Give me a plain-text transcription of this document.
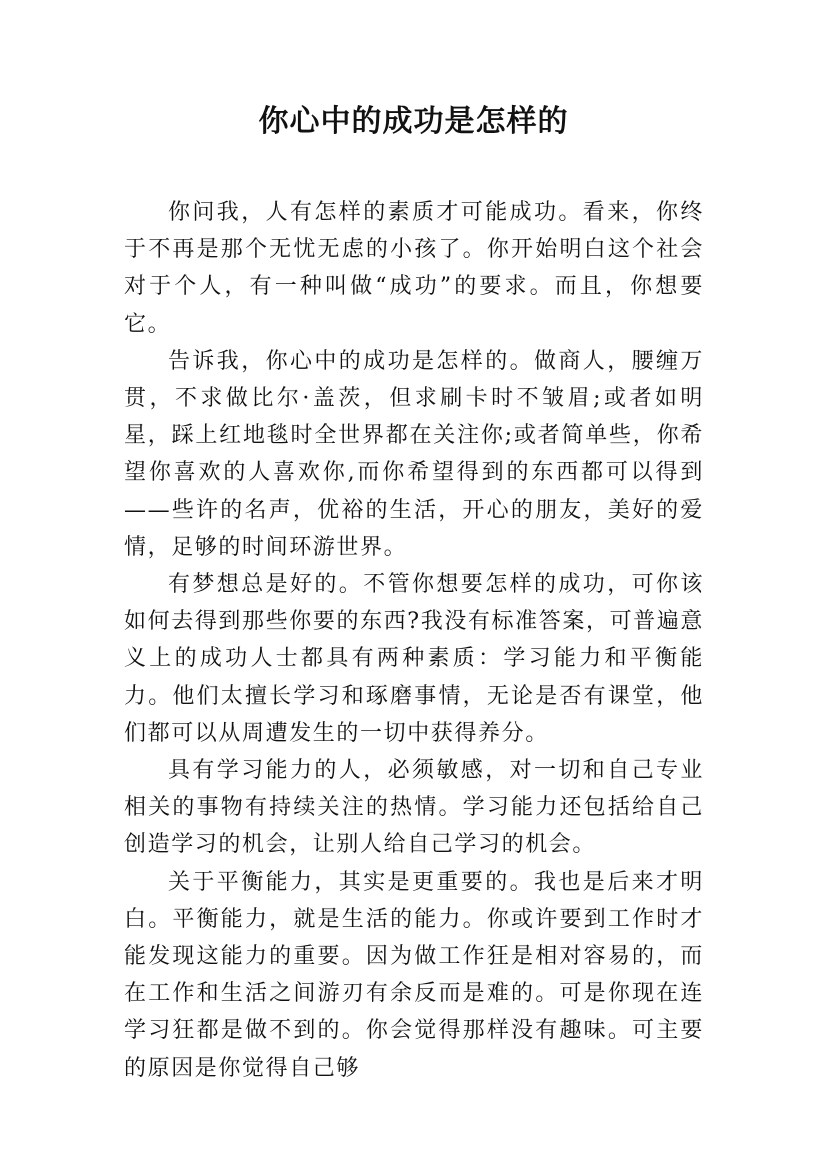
你心中的成功是怎样的

你问我，人有怎样的素质才可能成功。看来，你终于不再是那个无忧无虑的小孩了。你开始明白这个社会对于个人，有一种叫做“成功”的要求。而且，你想要它。

告诉我，你心中的成功是怎样的。做商人，腰缠万贯，不求做比尔·盖茨，但求刷卡时不皱眉;或者如明星，踩上红地毯时全世界都在关注你;或者简单些，你希望你喜欢的人喜欢你,而你希望得到的东西都可以得到——些许的名声，优裕的生活，开心的朋友，美好的爱情，足够的时间环游世界。

有梦想总是好的。不管你想要怎样的成功，可你该如何去得到那些你要的东西?我没有标准答案，可普遍意义上的成功人士都具有两种素质：学习能力和平衡能力。他们太擅长学习和琢磨事情，无论是否有课堂，他们都可以从周遭发生的一切中获得养分。

具有学习能力的人，必须敏感，对一切和自己专业相关的事物有持续关注的热情。学习能力还包括给自己创造学习的机会，让别人给自己学习的机会。

关于平衡能力，其实是更重要的。我也是后来才明白。平衡能力，就是生活的能力。你或许要到工作时才能发现这能力的重要。因为做工作狂是相对容易的，而在工作和生活之间游刃有余反而是难的。可是你现在连学习狂都是做不到的。你会觉得那样没有趣味。可主要的原因是你觉得自己够
